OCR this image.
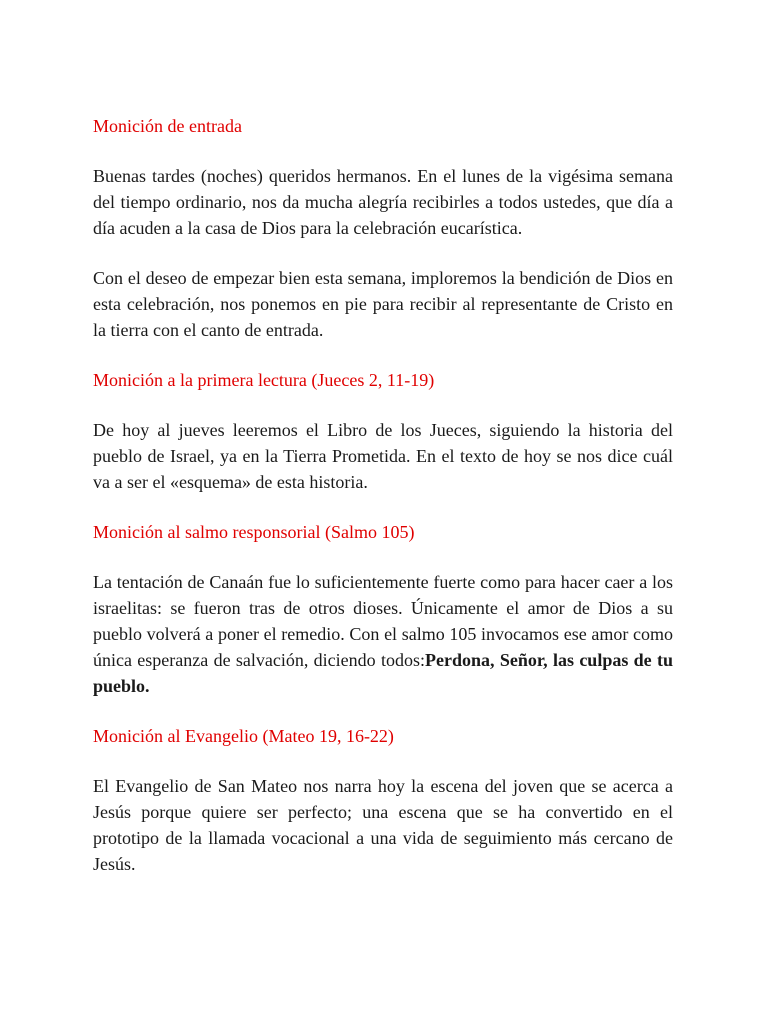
Monición de entrada

Buenas tardes (noches) queridos hermanos. En el lunes de la vigésima semana del tiempo ordinario, nos da mucha alegría recibirles a todos ustedes, que día a día acuden a la casa de Dios para la celebración eucarística.

Con el deseo de empezar bien esta semana, imploremos la bendición de Dios en esta celebración, nos ponemos en pie para recibir al representante de Cristo en la tierra con el canto de entrada.

Monición a la primera lectura (Jueces 2, 11-19)

De hoy al jueves leeremos el Libro de los Jueces, siguiendo la historia del pueblo de Israel, ya en la Tierra Prometida. En el texto de hoy se nos dice cuál va a ser el «esquema» de esta historia.

Monición al salmo responsorial (Salmo 105)

La tentación de Canaán fue lo suficientemente fuerte como para hacer caer a los israelitas: se fueron tras de otros dioses. Únicamente el amor de Dios a su pueblo volverá a poner el remedio. Con el salmo 105 invocamos ese amor como única esperanza de salvación, diciendo todos:Perdona, Señor, las culpas de tu pueblo.

Monición al Evangelio (Mateo 19, 16-22)

El Evangelio de San Mateo nos narra hoy la escena del joven que se acerca a Jesús porque quiere ser perfecto; una escena que se ha convertido en el prototipo de la llamada vocacional a una vida de seguimiento más cercano de Jesús.
